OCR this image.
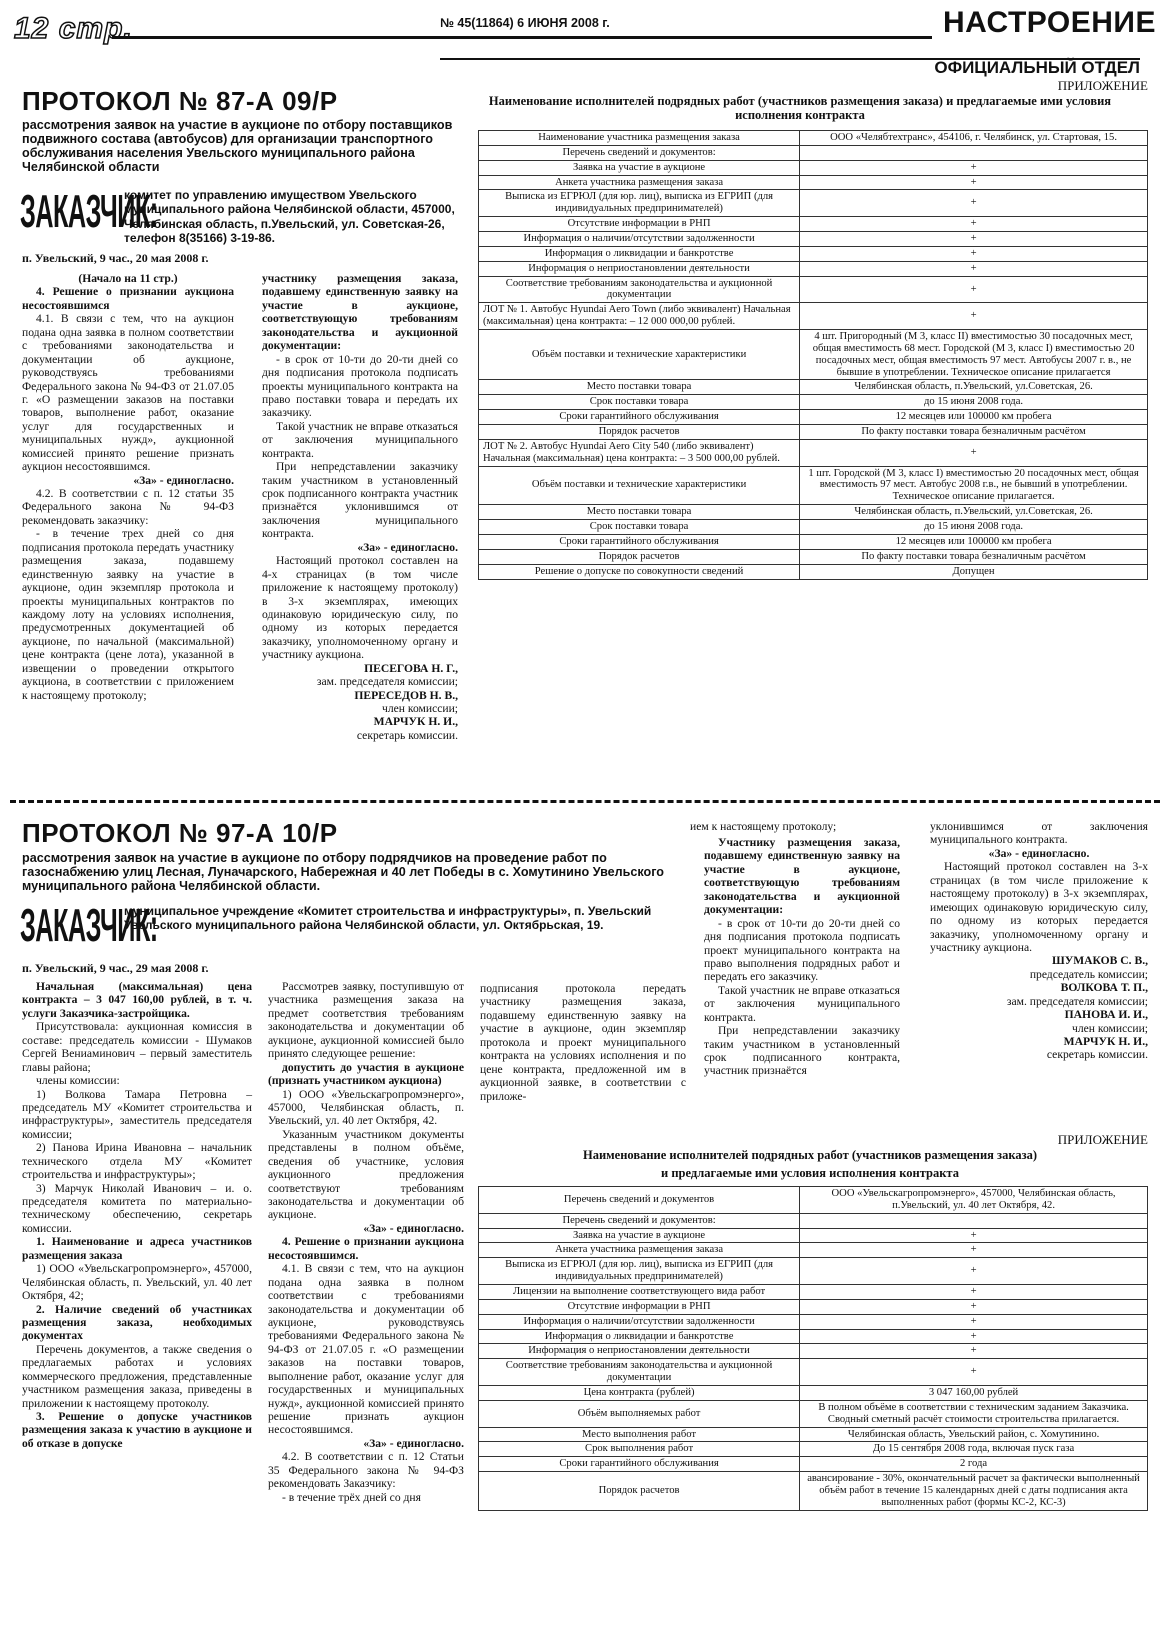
12 стр.	№ 45(11864) 6 ИЮНЯ 2008 г.	НАСТРОЕНИЕ
ОФИЦИАЛЬНЫЙ ОТДЕЛ
ПРОТОКОЛ № 87-А 09/Р
рассмотрения заявок на участие в аукционе по отбору поставщиков подвижного состава (автобусов) для организации транспортного обслуживания населения Увельского муниципального района Челябинской области
ЗАКАЗЧИК:
комитет по управлению имуществом Увельского муниципального района Челябинской области, 457000, Челябинская область, п.Увельский, ул. Советская-26, телефон 8(35166) 3-19-86.
п. Увельский, 9 час., 20 мая 2008 г.

(Начало на 11 стр.)

4. Решение о признании аукциона несостоявшимся

4.1. В связи с тем, что на аукцион подана одна заявка в полном соответствии с требованиями законодательства и документации об аукционе, руководствуясь требованиями Федерального закона № 94-ФЗ от 21.07.05 г. «О размещении заказов на поставки товаров, выполнение работ, оказание услуг для государственных и муниципальных нужд», аукционной комиссией принято решение признать аукцион несостоявшимся.

«За» - единогласно.

4.2. В соответствии с п. 12 статьи 35 Федерального закона № 94-ФЗ рекомендовать заказчику:

- в течение трех дней со дня подписания протокола передать участнику размещения заказа, подавшему единственную заявку на участие в аукционе, один экземпляр протокола и проекты муниципальных контрактов по каждому лоту на условиях исполнения, предусмотренных документацией об аукционе, по начальной (максимальной) цене контракта (цене лота), указанной в извещении о проведении открытого аукциона, в соответствии с приложением к настоящему протоколу;

участнику размещения заказа, подавшему единственную заявку на участие в аукционе, соответствующую требованиям законодательства и аукционной документации:

- в срок от 10-ти до 20-ти дней со дня подписания протокола подписать проекты муниципального контракта на право поставки товара и передать их заказчику.

Такой участник не вправе отказаться от заключения муниципального контракта.

При непредставлении заказчику таким участником в установленный срок подписанного контракта участник признаётся уклонившимся от заключения муниципального контракта.

«За» - единогласно.

Настоящий протокол составлен на 4-х страницах (в том числе приложение к настоящему протоколу) в 3-х экземплярах, имеющих одинаковую юридическую силу, по одному из которых передается заказчику, уполномоченному органу и участнику аукциона.

ПЕСЕГОВА Н. Г.,

зам. председателя комиссии;

ПЕРЕСЕДОВ Н. В.,

член комиссии;

МАРЧУК Н. И.,

секретарь комиссии.

ПРИЛОЖЕНИЕ
Наименование исполнителей подрядных работ (участников размещения заказа) и предлагаемые ими условия исполнения контракта
Наименование участника размещения заказа	ООО «Челябтехтранс», 454106, г. Челябинск, ул. Стартовая, 15.
Перечень сведений и документов:	
Заявка на участие в аукционе	+
Анкета участника размещения заказа	+
Выписка из ЕГРЮЛ (для юр. лиц), выписка из ЕГРИП (для индивидуальных предпринимателей)	+
Отсутствие информации в РНП	+
Информация о наличии/отсутствии задолженности	+
Информация о ликвидации и банкротстве	+
Информация о неприостановлении деятельности	+
Соответствие требованиям законодательства и аукционной документации	+
ЛОТ № 1. Автобус Hyundai Aero Town (либо эквивалент) Начальная (максимальная) цена контракта: – 12 000 000,00 рублей.	+
Объём поставки и технические характеристики	4 шт. Пригородный (М 3, класс II) вместимостью 30 посадочных мест, общая вместимость 68 мест. Городской (М 3, класс I) вместимостью 20 посадочных мест, общая вместимость 97 мест. Автобусы 2007 г. в., не бывшие в употреблении. Техническое описание прилагается
Место поставки товара	Челябинская область, п.Увельский, ул.Советская, 26.
Срок поставки товара	до 15 июня 2008 года.
Сроки гарантийного обслуживания	12 месяцев или 100000 км пробега
Порядок расчетов	По факту поставки товара безналичным расчётом
ЛОТ № 2. Автобус Hyundai Aero City 540 (либо эквивалент) Начальная (максимальная) цена контракта: – 3 500 000,00 рублей.	+
Объём поставки и технические характеристики	1 шт. Городской (М 3, класс I) вместимостью 20 посадочных мест, общая вместимость 97 мест. Автобус 2008 г.в., не бывший в употреблении. Техническое описание прилагается.
Место поставки товара	Челябинская область, п.Увельский, ул.Советская, 26.
Срок поставки товара	до 15 июня 2008 года.
Сроки гарантийного обслуживания	12 месяцев или 100000 км пробега
Порядок расчетов	По факту поставки товара безналичным расчётом
Решение о допуске по совокупности сведений	Допущен
ПРОТОКОЛ № 97-А 10/Р
рассмотрения заявок на участие в аукционе по отбору подрядчиков на проведение работ по газоснабжению улиц Лесная, Луначарского, Набережная и 40 лет Победы в с. Хомутинино Увельского муниципального района Челябинской области.
ЗАКАЗЧИК:
муниципальное учреждение «Комитет строительства и инфраструктуры», п. Увельский Увельского муниципального района Челябинской области, ул. Октябрьская, 19.
п. Увельский, 9 час., 29 мая 2008 г.

Начальная (максимальная) цена контракта – 3 047 160,00 рублей, в т. ч. услуги Заказчика-застройщика.

Присутствовала: аукционная комиссия в составе: председатель комиссии - Шумаков Сергей Вениаминович – первый заместитель главы района;

члены комиссии:

1) Волкова Тамара Петровна – председатель МУ «Комитет строительства и инфраструктуры», заместитель председателя комиссии;

2) Панова Ирина Ивановна – начальник технического отдела МУ «Комитет строительства и инфраструктуры»;

3) Марчук Николай Иванович – и. о. председателя комитета по материально-техническому обеспечению, секретарь комиссии.

1. Наименование и адреса участников размещения заказа

1) ООО «Увельскагропромэнерго», 457000, Челябинская область, п. Увельский, ул. 40 лет Октября, 42;

2. Наличие сведений об участниках размещения заказа, необходимых документах

Перечень документов, а также сведения о предлагаемых работах и условиях коммерческого предложения, представленные участником размещения заказа, приведены в приложении к настоящему протоколу.

3. Решение о допуске участников размещения заказа к участию в аукционе и об отказе в допуске

Рассмотрев заявку, поступившую от участника размещения заказа на предмет соответствия требованиям законодательства и документации об аукционе, аукционной комиссией было принято следующее решение:

допустить до участия в аукционе (признать участником аукциона)

1) ООО «Увельскагропромэнерго», 457000, Челябинская область, п. Увельский, ул. 40 лет Октября, 42.

Указанным участником документы представлены в полном объёме, сведения об участнике, условия аукционного предложения соответствуют требованиям законодательства и документации об аукционе.

«За» - единогласно.

4. Решение о признании аукциона несостоявшимся.

4.1. В связи с тем, что на аукцион подана одна заявка в полном соответствии с требованиями законодательства и документации об аукционе, руководствуясь требованиями Федерального закона № 94-ФЗ от 21.07.05 г. «О размещении заказов на поставки товаров, выполнение работ, оказание услуг для государственных и муниципальных нужд», аукционной комиссией принято решение признать аукцион несостоявшимся.

«За» - единогласно.

4.2. В соответствии с п. 12 Статьи 35 Федерального закона № 94-ФЗ рекомендовать Заказчику:

- в течение трёх дней со дня

ием к настоящему протоколу;

подписания протокола передать участнику размещения заказа, подавшему единственную заявку на участие в аукционе, один экземпляр протокола и проект муниципального контракта на условиях исполнения и по цене контракта, предложенной им в аукционной заявке, в соответствии с приложе-

Участнику размещения заказа, подавшему единственную заявку на участие в аукционе, соответствующую требованиям законодательства и аукционной документации:

- в срок от 10-ти до 20-ти дней со дня подписания протокола подписать проект муниципального контракта на право выполнения подрядных работ и передать его заказчику.

Такой участник не вправе отказаться от заключения муниципального контракта.

При непредставлении заказчику таким участником в установленный срок подписанного контракта, участник признаётся

уклонившимся от заключения муниципального контракта.

«За» - единогласно.

Настоящий протокол составлен на 3-х страницах (в том числе приложение к настоящему протоколу) в 3-х экземплярах, имеющих одинаковую юридическую силу, по одному из которых передается заказчику, уполномоченному органу и участнику аукциона.

ШУМАКОВ С. В.,

председатель комиссии;

ВОЛКОВА Т. П.,

зам. председателя комиссии;

ПАНОВА И. И.,

член комиссии;

МАРЧУК Н. И.,

секретарь комиссии.

ПРИЛОЖЕНИЕ
Наименование исполнителей подрядных работ (участников размещения заказа)
и предлагаемые ими условия исполнения контракта
Перечень сведений и документов	ООО «Увельскагропромэнерго», 457000, Челябинская область, п.Увельский, ул. 40 лет Октября, 42.
Перечень сведений и документов:	
Заявка на участие в аукционе	+
Анкета участника размещения заказа	+
Выписка из ЕГРЮЛ (для юр. лиц), выписка из ЕГРИП (для индивидуальных предпринимателей)	+
Лицензии на выполнение соответствующего вида работ	+
Отсутствие информации в РНП	+
Информация о наличии/отсутствии задолженности	+
Информация о ликвидации и банкротстве	+
Информация о неприостановлении деятельности	+
Соответствие требованиям законодательства и аукционной документации	+
Цена контракта (рублей)	3 047 160,00 рублей
Объём выполняемых работ	В полном объёме в соответствии с техническим заданием Заказчика. Сводный сметный расчёт стоимости строительства прилагается.
Место выполнения работ	Челябинская область, Увельский район, с. Хомутинино.
Срок выполнения работ	До 15 сентября 2008 года, включая пуск газа
Сроки гарантийного обслуживания	2 года
Порядок расчетов	авансирование - 30%, окончательный расчет за фактически выполненный объём работ в течение 15 календарных дней с даты подписания акта выполненных работ (формы КС-2, КС-3)
